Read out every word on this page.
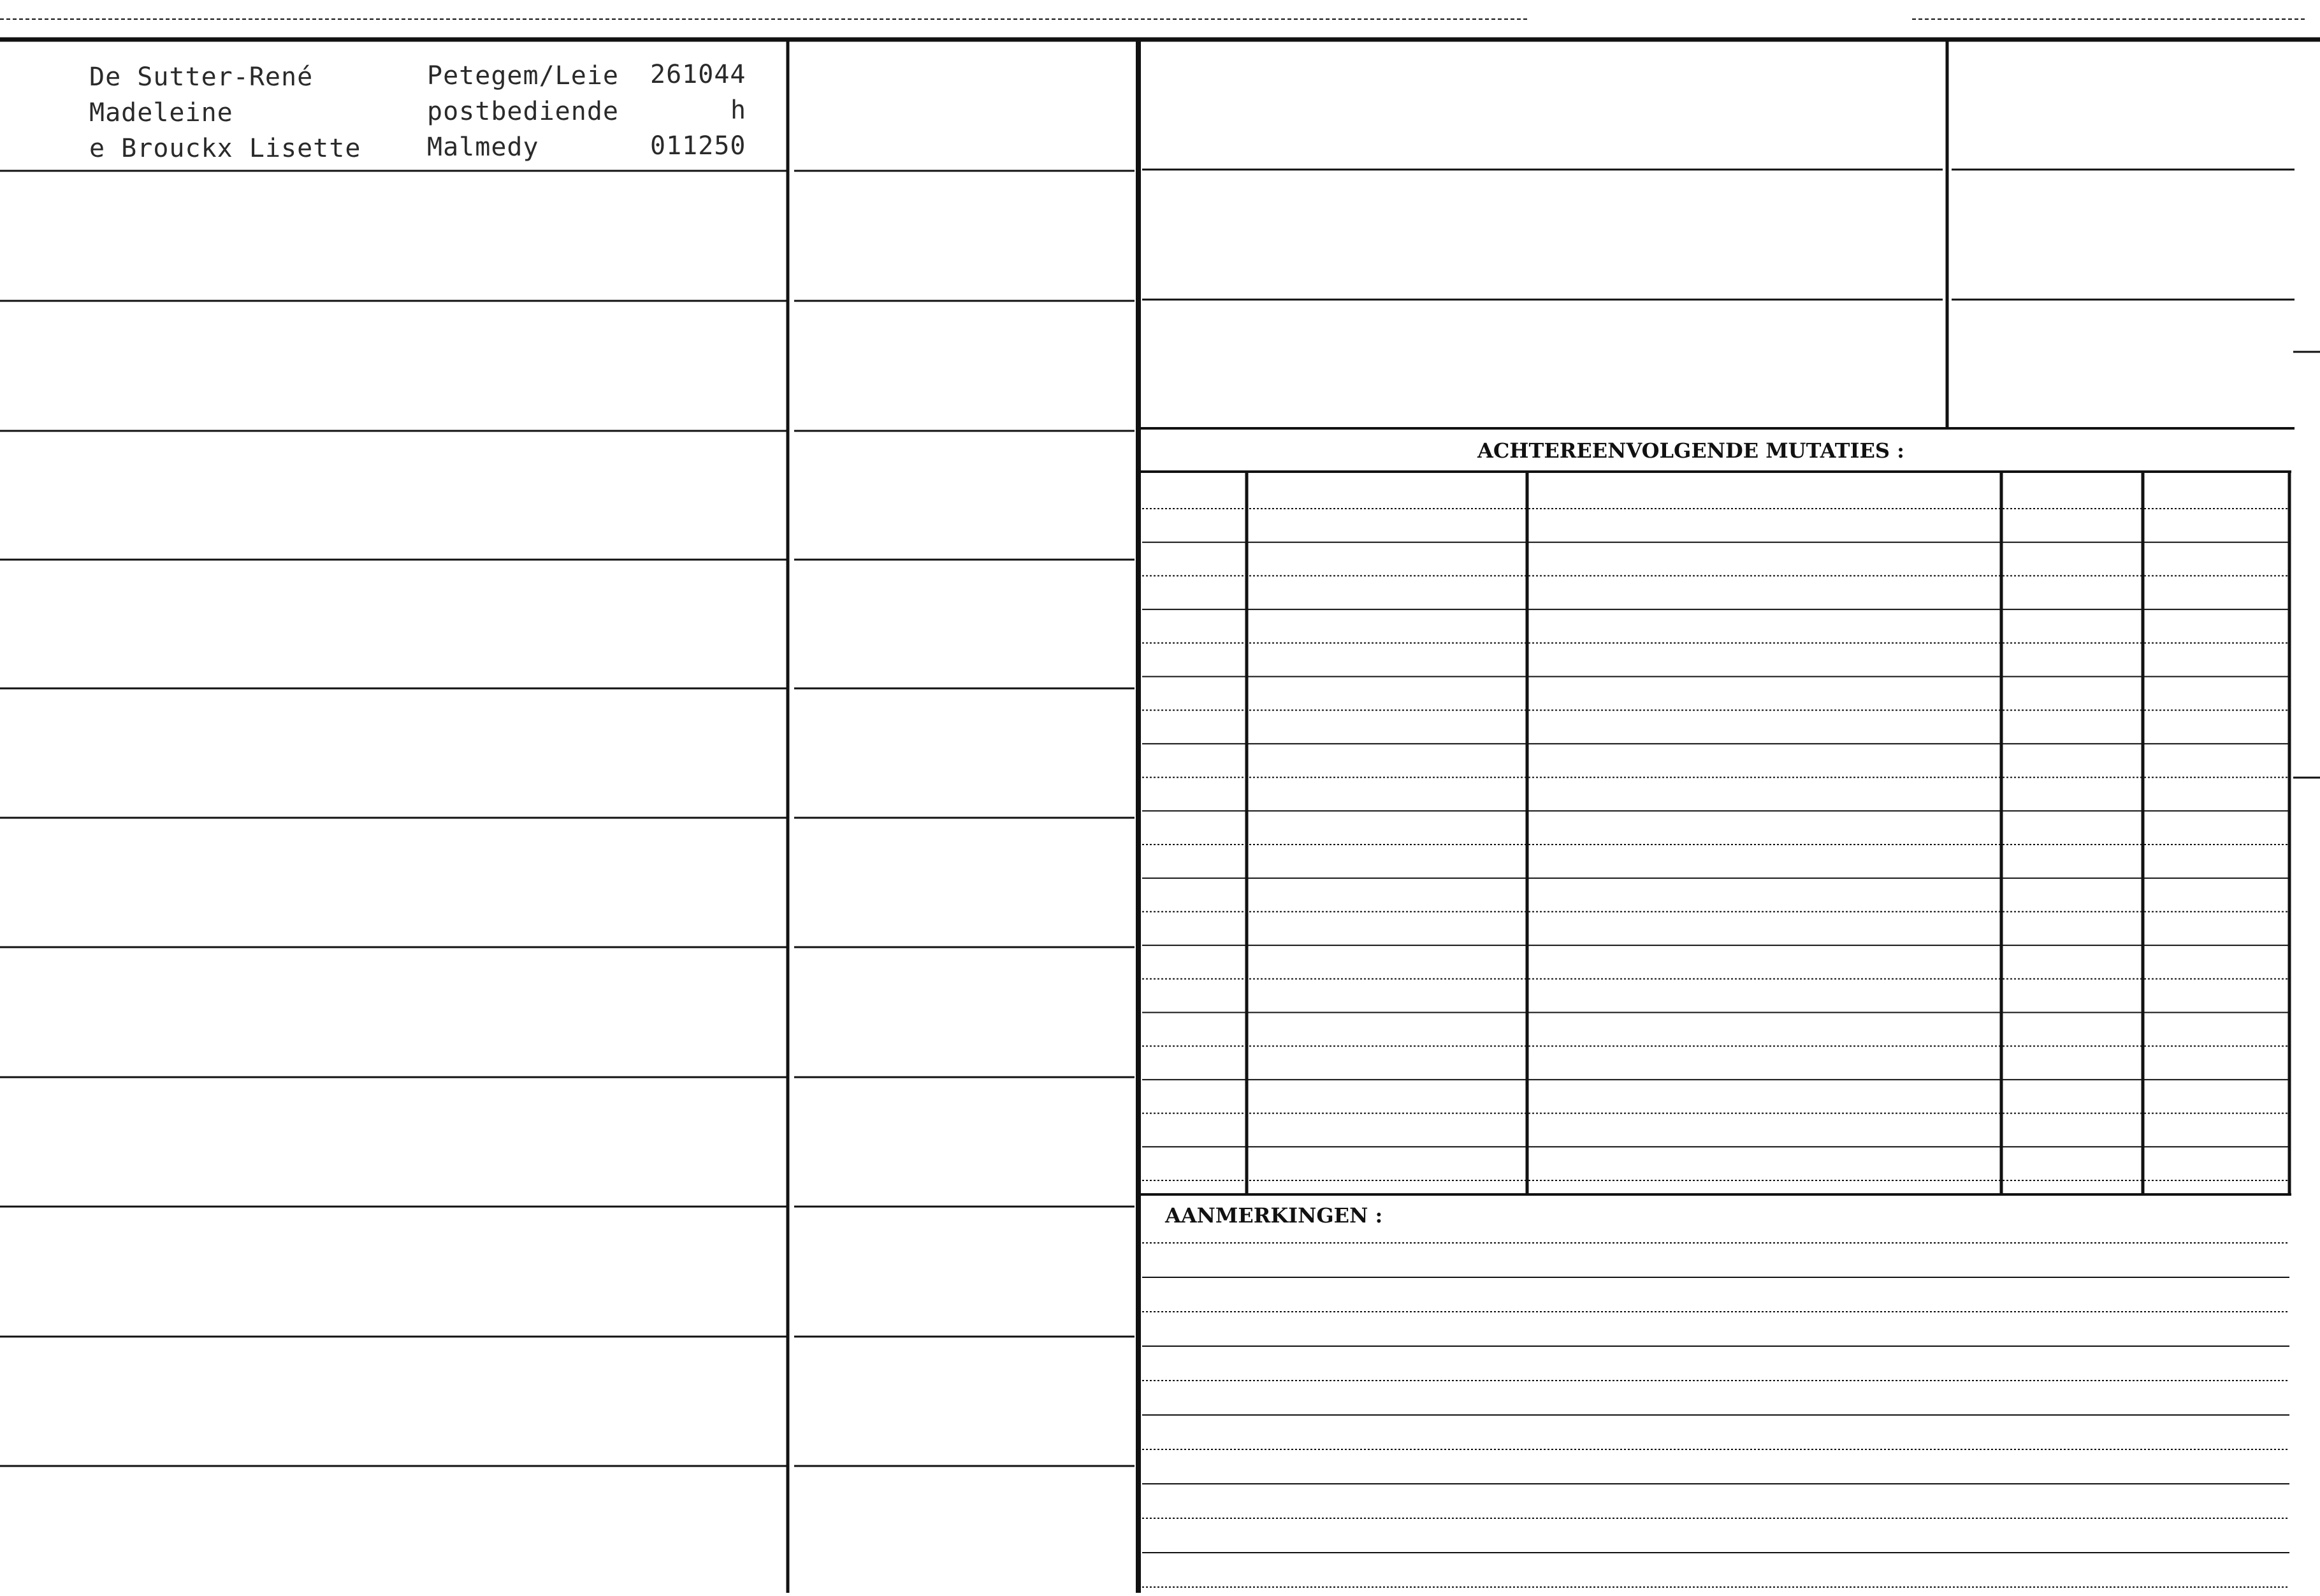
De Sutter-René
Madeleine
e Brouckx Lisette
Petegem/Leie
postbediende
Malmedy
261044
h
011250
ACHTEREENVOLGENDE MUTATIES :
AANMERKINGEN :
